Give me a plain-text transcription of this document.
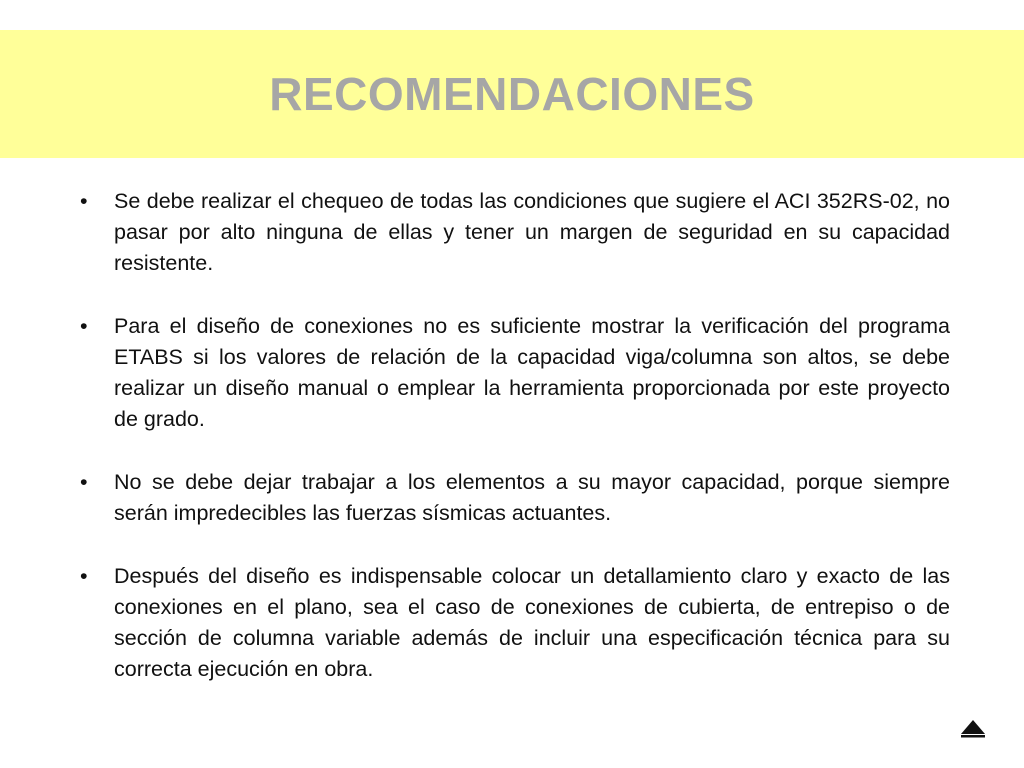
RECOMENDACIONES
• Se debe realizar el chequeo de todas las condiciones que sugiere el ACI 352RS-02, no pasar por alto ninguna de ellas y tener un margen de seguridad en su capacidad resistente.
• Para el diseño de conexiones no es suficiente mostrar la verificación del programa ETABS si los valores de relación de la capacidad viga/columna son altos, se debe realizar un diseño manual o emplear la herramienta proporcionada por este proyecto de grado.
• No se debe dejar trabajar a los elementos a su mayor capacidad, porque siempre serán impredecibles las fuerzas sísmicas actuantes.
• Después del diseño es indispensable colocar un detallamiento claro y exacto de las conexiones en el plano, sea el caso de conexiones de cubierta, de entrepiso o de sección de columna variable además de incluir una especificación técnica para su correcta ejecución en obra.
